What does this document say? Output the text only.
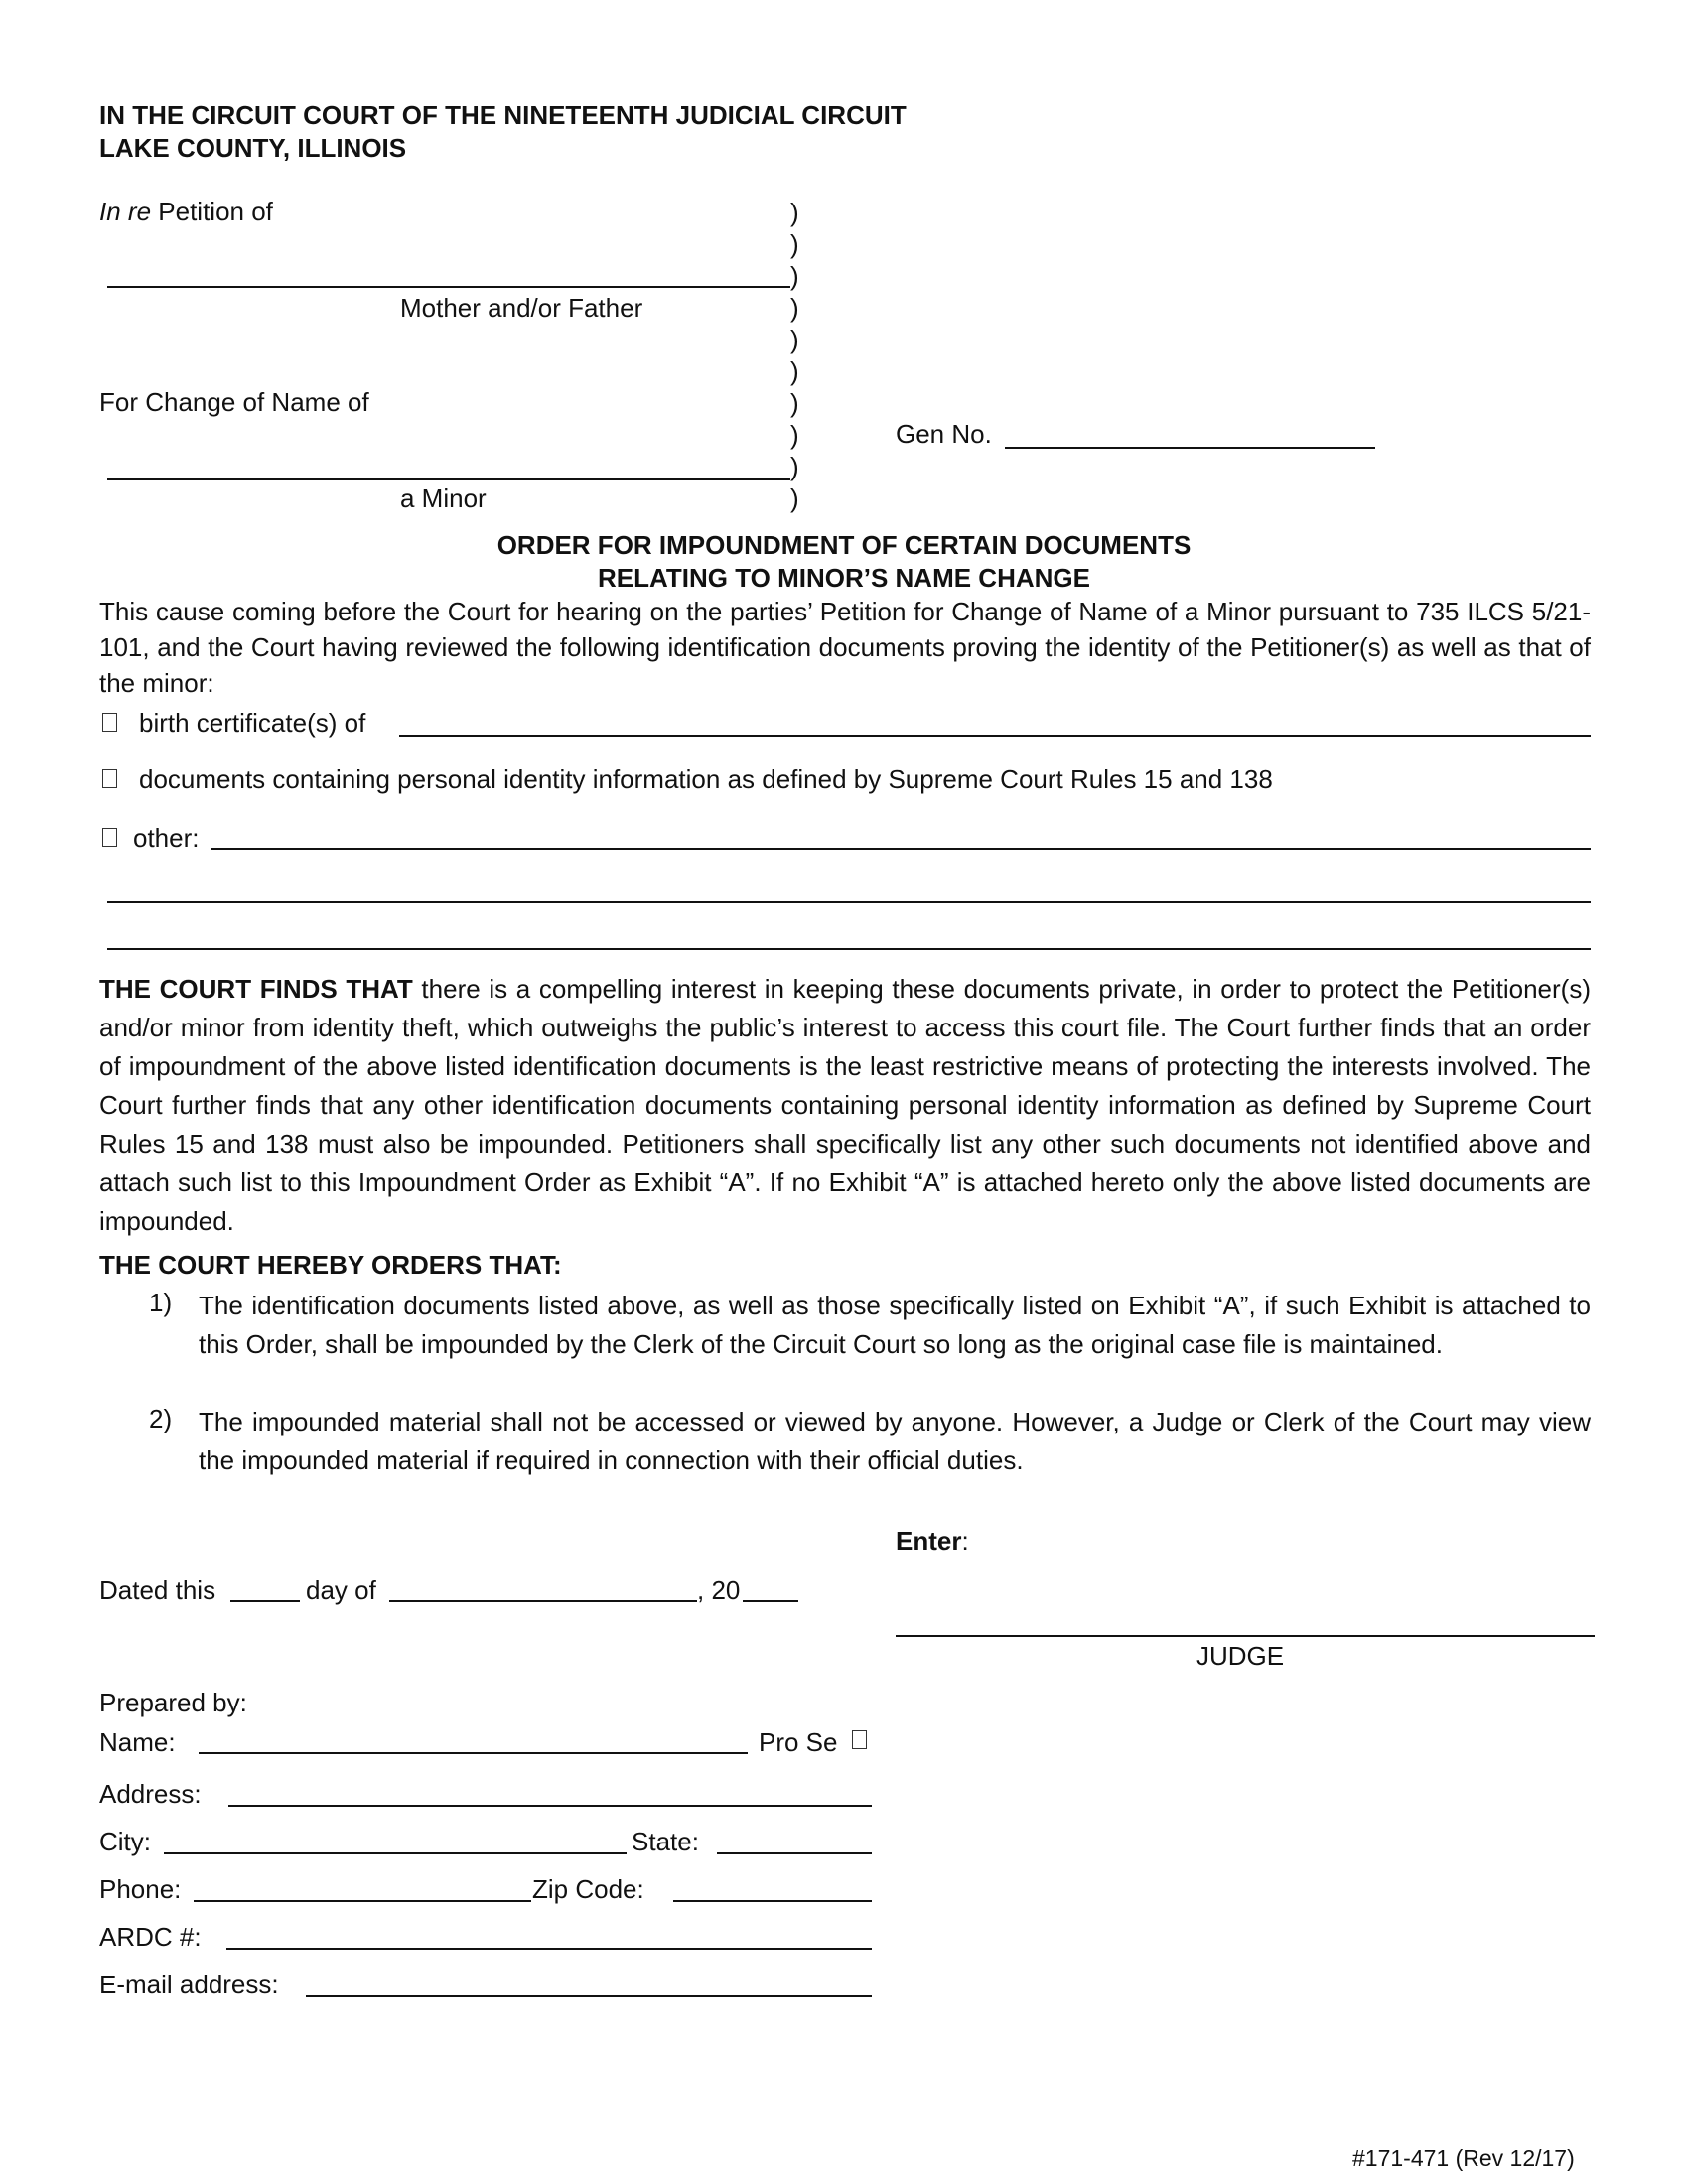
IN THE CIRCUIT COURT OF THE NINETEENTH JUDICIAL CIRCUIT
LAKE COUNTY, ILLINOIS
In re Petition of
Mother and/or Father
For Change of Name of
a Minor
)
)
)
)
)
)
)
)
)
)
Gen No.
ORDER FOR IMPOUNDMENT OF CERTAIN DOCUMENTS
RELATING TO MINOR’S NAME CHANGE
This cause coming before the Court for hearing on the parties’ Petition for Change of Name of a Minor pursuant to 735 ILCS 5/21-101, and the Court having reviewed the following identification documents proving the identity of the Petitioner(s) as well as that of the minor:
birth certificate(s) of
documents containing personal identity information as defined by Supreme Court Rules 15 and 138
other:
THE COURT FINDS THAT there is a compelling interest in keeping these documents private, in order to protect the Petitioner(s) and/or minor from identity theft, which outweighs the public’s interest to access this court file. The Court further finds that an order of impoundment of the above listed identification documents is the least restrictive means of protecting the interests involved. The Court further finds that any other identification documents containing personal identity information as defined by Supreme Court Rules 15 and 138 must also be impounded. Petitioners shall specifically list any other such documents not identified above and attach such list to this Impoundment Order as Exhibit “A”. If no Exhibit “A” is attached hereto only the above listed documents are impounded.
THE COURT HEREBY ORDERS THAT:
1) The identification documents listed above, as well as those specifically listed on Exhibit “A”, if such Exhibit is attached to this Order, shall be impounded by the Clerk of the Circuit Court so long as the original case file is maintained.
2) The impounded material shall not be accessed or viewed by anyone. However, a Judge or Clerk of the Court may view the impounded material if required in connection with their official duties.
Enter:
Dated this	day of	, 20
JUDGE
Prepared by:
Name:	Pro Se
Address:
City:	State:
Phone:	Zip Code:
ARDC #:
E-mail address:
#171-471 (Rev 12/17)
